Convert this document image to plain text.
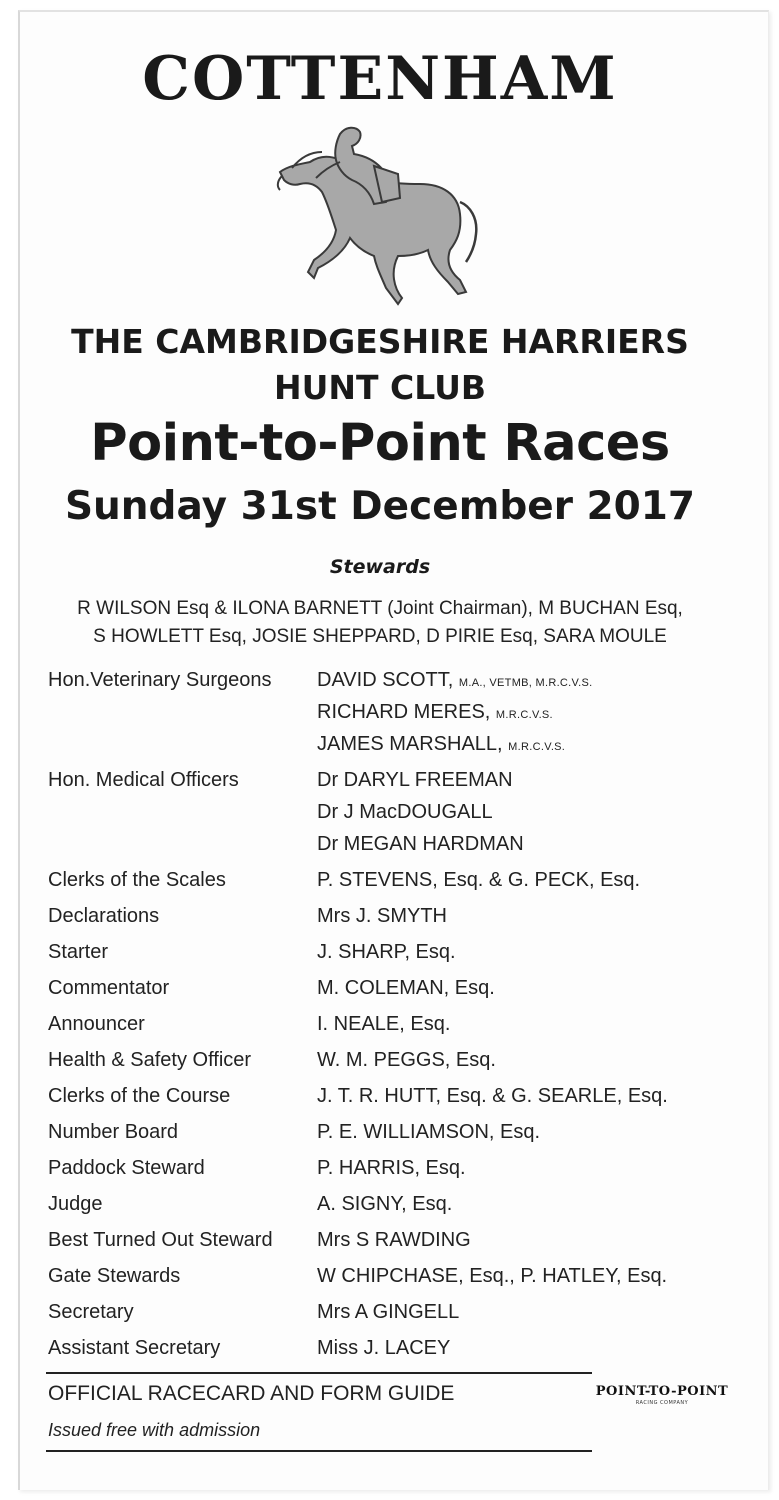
COTTENHAM
THE CAMBRIDGESHIRE HARRIERS
HUNT CLUB
Point-to-Point Races
Sunday 31st December 2017
Stewards
R WILSON Esq & ILONA BARNETT (Joint Chairman), M BUCHAN Esq,
S HOWLETT Esq, JOSIE SHEPPARD, D PIRIE Esq, SARA MOULE
Hon.Veterinary Surgeons	DAVID SCOTT, M.A., VETMB, M.R.C.V.S.
RICHARD MERES, M.R.C.V.S.
JAMES MARSHALL, M.R.C.V.S.
Hon. Medical Officers	Dr DARYL FREEMAN
Dr J MacDOUGALL
Dr MEGAN HARDMAN
Clerks of the Scales	P. STEVENS, Esq. & G. PECK, Esq.
Declarations	Mrs J. SMYTH
Starter	J. SHARP, Esq.
Commentator	M. COLEMAN, Esq.
Announcer	I. NEALE, Esq.
Health & Safety Officer	W. M. PEGGS, Esq.
Clerks of the Course	J. T. R. HUTT, Esq. & G. SEARLE, Esq.
Number Board	P. E. WILLIAMSON, Esq.
Paddock Steward	P. HARRIS, Esq.
Judge	A. SIGNY, Esq.
Best Turned Out Steward	Mrs S RAWDING
Gate Stewards	W CHIPCHASE, Esq., P. HATLEY, Esq.
Secretary	Mrs A GINGELL
Assistant Secretary	Miss J. LACEY
OFFICIAL RACECARD AND FORM GUIDE
Issued free with admission
POINT-TO-POINT
RACING COMPANY
